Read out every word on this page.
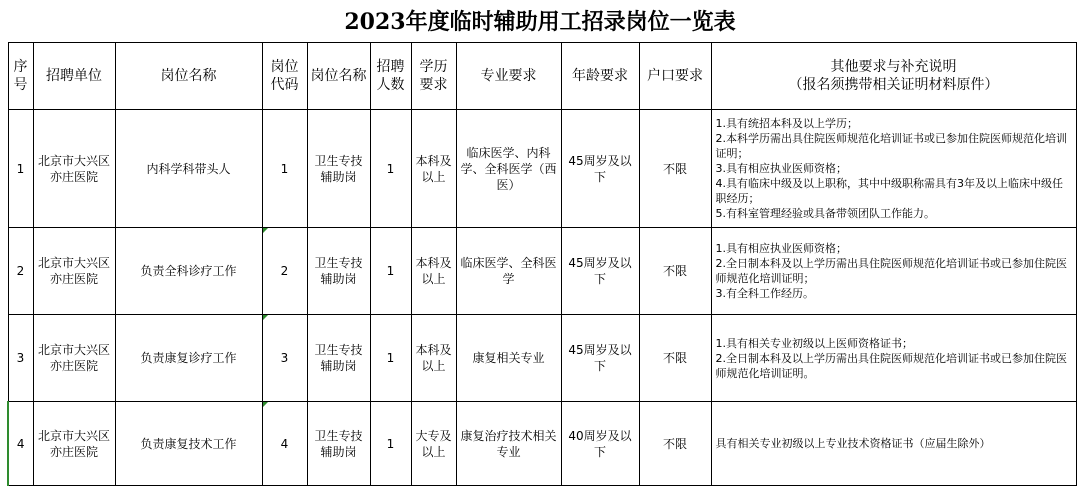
2023年度临时辅助用工招录岗位一览表
序号	招聘单位	岗位名称	岗位代码	岗位名称	招聘人数	学历要求	专业要求	年龄要求	户口要求	其他要求与补充说明
（报名须携带相关证明材料原件）

1	北京市大兴区亦庄医院	内科学科带头人	1	卫生专技辅助岗	1	本科及以上	临床医学、内科学、全科医学（西医）	45周岁及以下	不限	1.具有统招本科及以上学历；
2.本科学历需出具住院医师规范化培训证书或已参加住院医师规范化培训证明；
3.具有相应执业医师资格；
4.具有临床中级及以上职称，其中中级职称需具有3年及以上临床中级任职经历；
5.有科室管理经验或具备带领团队工作能力。

2	北京市大兴区亦庄医院	负责全科诊疗工作	2	卫生专技辅助岗	1	本科及以上	临床医学、全科医学	45周岁及以下	不限	1.具有相应执业医师资格；
2.全日制本科及以上学历需出具住院医师规范化培训证书或已参加住院医师规范化培训证明；
3.有全科工作经历。

3	北京市大兴区亦庄医院	负责康复诊疗工作	3	卫生专技辅助岗	1	本科及以上	康复相关专业	45周岁及以下	不限	1.具有相关专业初级以上医师资格证书；
2.全日制本科及以上学历需出具住院医师规范化培训证书或已参加住院医师规范化培训证明。

4	北京市大兴区亦庄医院	负责康复技术工作	4	卫生专技辅助岗	1	大专及以上	康复治疗技术相关专业	40周岁及以下	不限	具有相关专业初级以上专业技术资格证书（应届生除外）
